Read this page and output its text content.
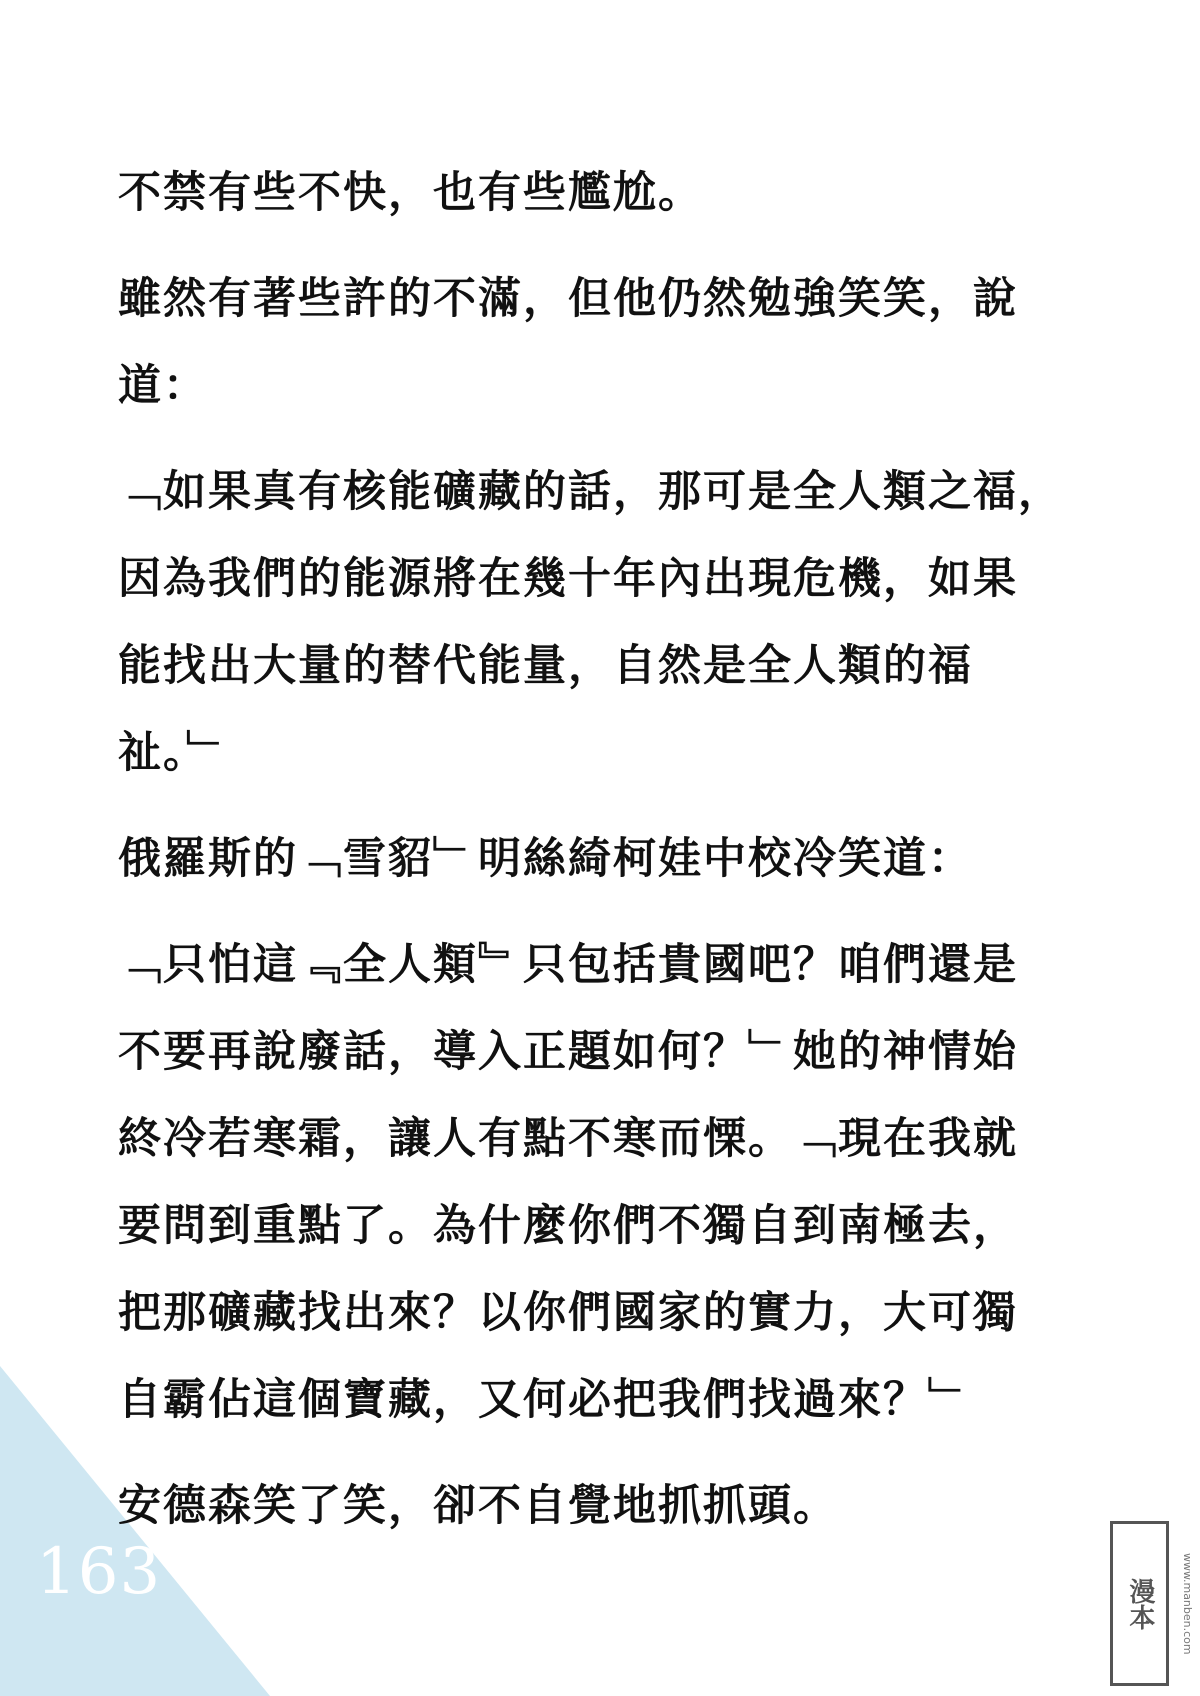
163

不禁有些不快，也有些尷尬。

雖然有著些許的不滿，但他仍然勉強笑笑，說
道：

﹁如果真有核能礦藏的話，那可是全人類之福，
因為我們的能源將在幾十年內出現危機，如果
能找出大量的替代能量，自然是全人類的福
祉。﹂

俄羅斯的﹁雪貂﹂明絲綺柯娃中校冷笑道：

﹁只怕這﹃全人類﹄只包括貴國吧？咱們還是
不要再說廢話，導入正題如何？﹂她的神情始
終冷若寒霜，讓人有點不寒而慄。﹁現在我就
要問到重點了。為什麼你們不獨自到南極去，
把那礦藏找出來？以你們國家的實力，大可獨
自霸佔這個寶藏，又何必把我們找過來？﹂

安德森笑了笑，卻不自覺地抓抓頭。

漫本	www.manben.com
